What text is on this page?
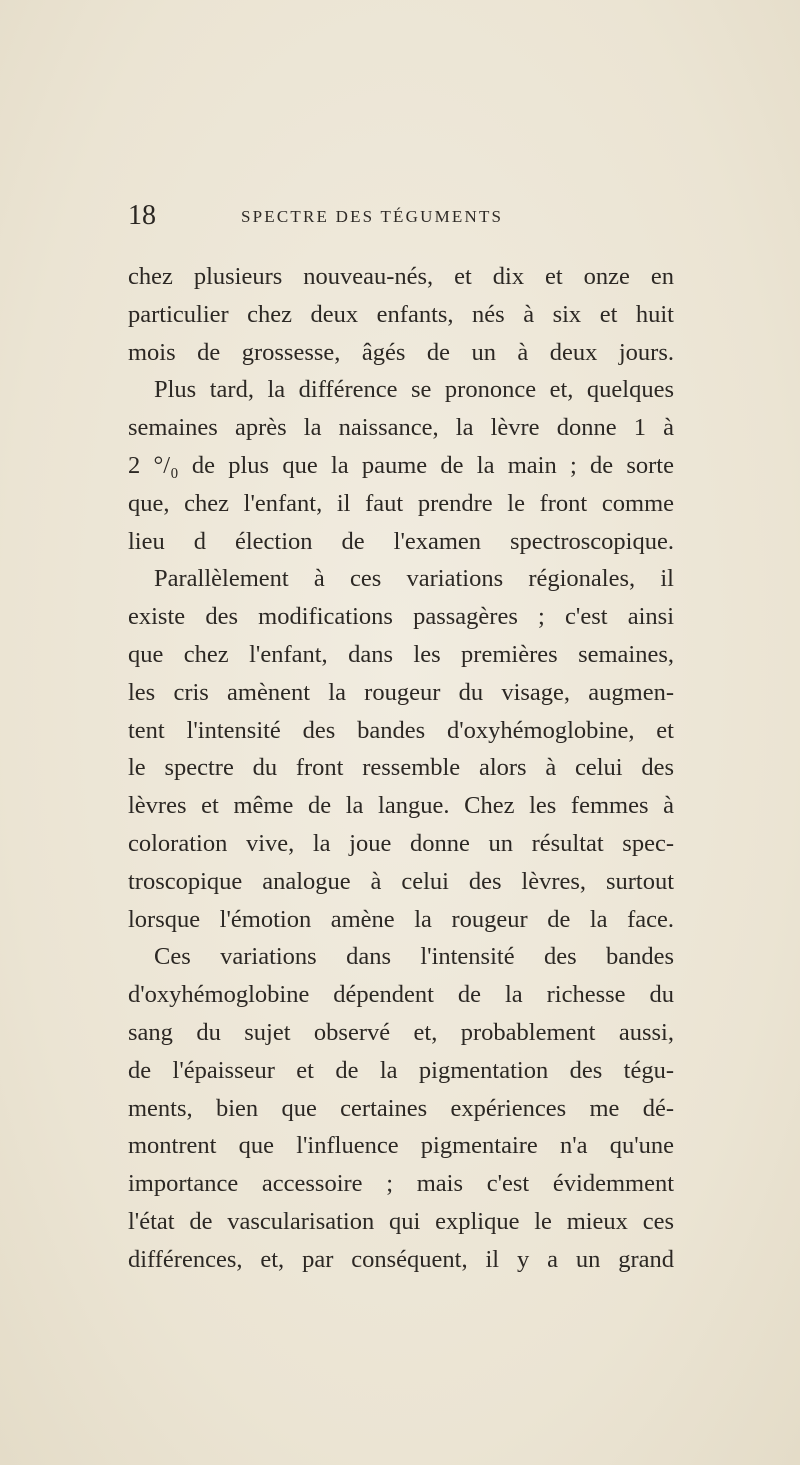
18	SPECTRE DES TÉGUMENTS
chez plusieurs nouveau-nés, et dix et onze en
particulier chez deux enfants, nés à six et huit
mois de grossesse, âgés de un à deux jours.
Plus tard, la différence se prononce et, quelques
semaines après la naissance, la lèvre donne 1 à
2 °/₀ de plus que la paume de la main ; de sorte
que, chez l'enfant, il faut prendre le front comme
lieu d élection de l'examen spectroscopique.
Parallèlement à ces variations régionales, il
existe des modifications passagères ; c'est ainsi
que chez l'enfant, dans les premières semaines,
les cris amènent la rougeur du visage, augmen-
tent l'intensité des bandes d'oxyhémoglobine, et
le spectre du front ressemble alors à celui des
lèvres et même de la langue. Chez les femmes à
coloration vive, la joue donne un résultat spec-
troscopique analogue à celui des lèvres, surtout
lorsque l'émotion amène la rougeur de la face.
Ces variations dans l'intensité des bandes
d'oxyhémoglobine dépendent de la richesse du
sang du sujet observé et, probablement aussi,
de l'épaisseur et de la pigmentation des tégu-
ments, bien que certaines expériences me dé-
montrent que l'influence pigmentaire n'a qu'une
importance accessoire ; mais c'est évidemment
l'état de vascularisation qui explique le mieux ces
différences, et, par conséquent, il y a un grand
